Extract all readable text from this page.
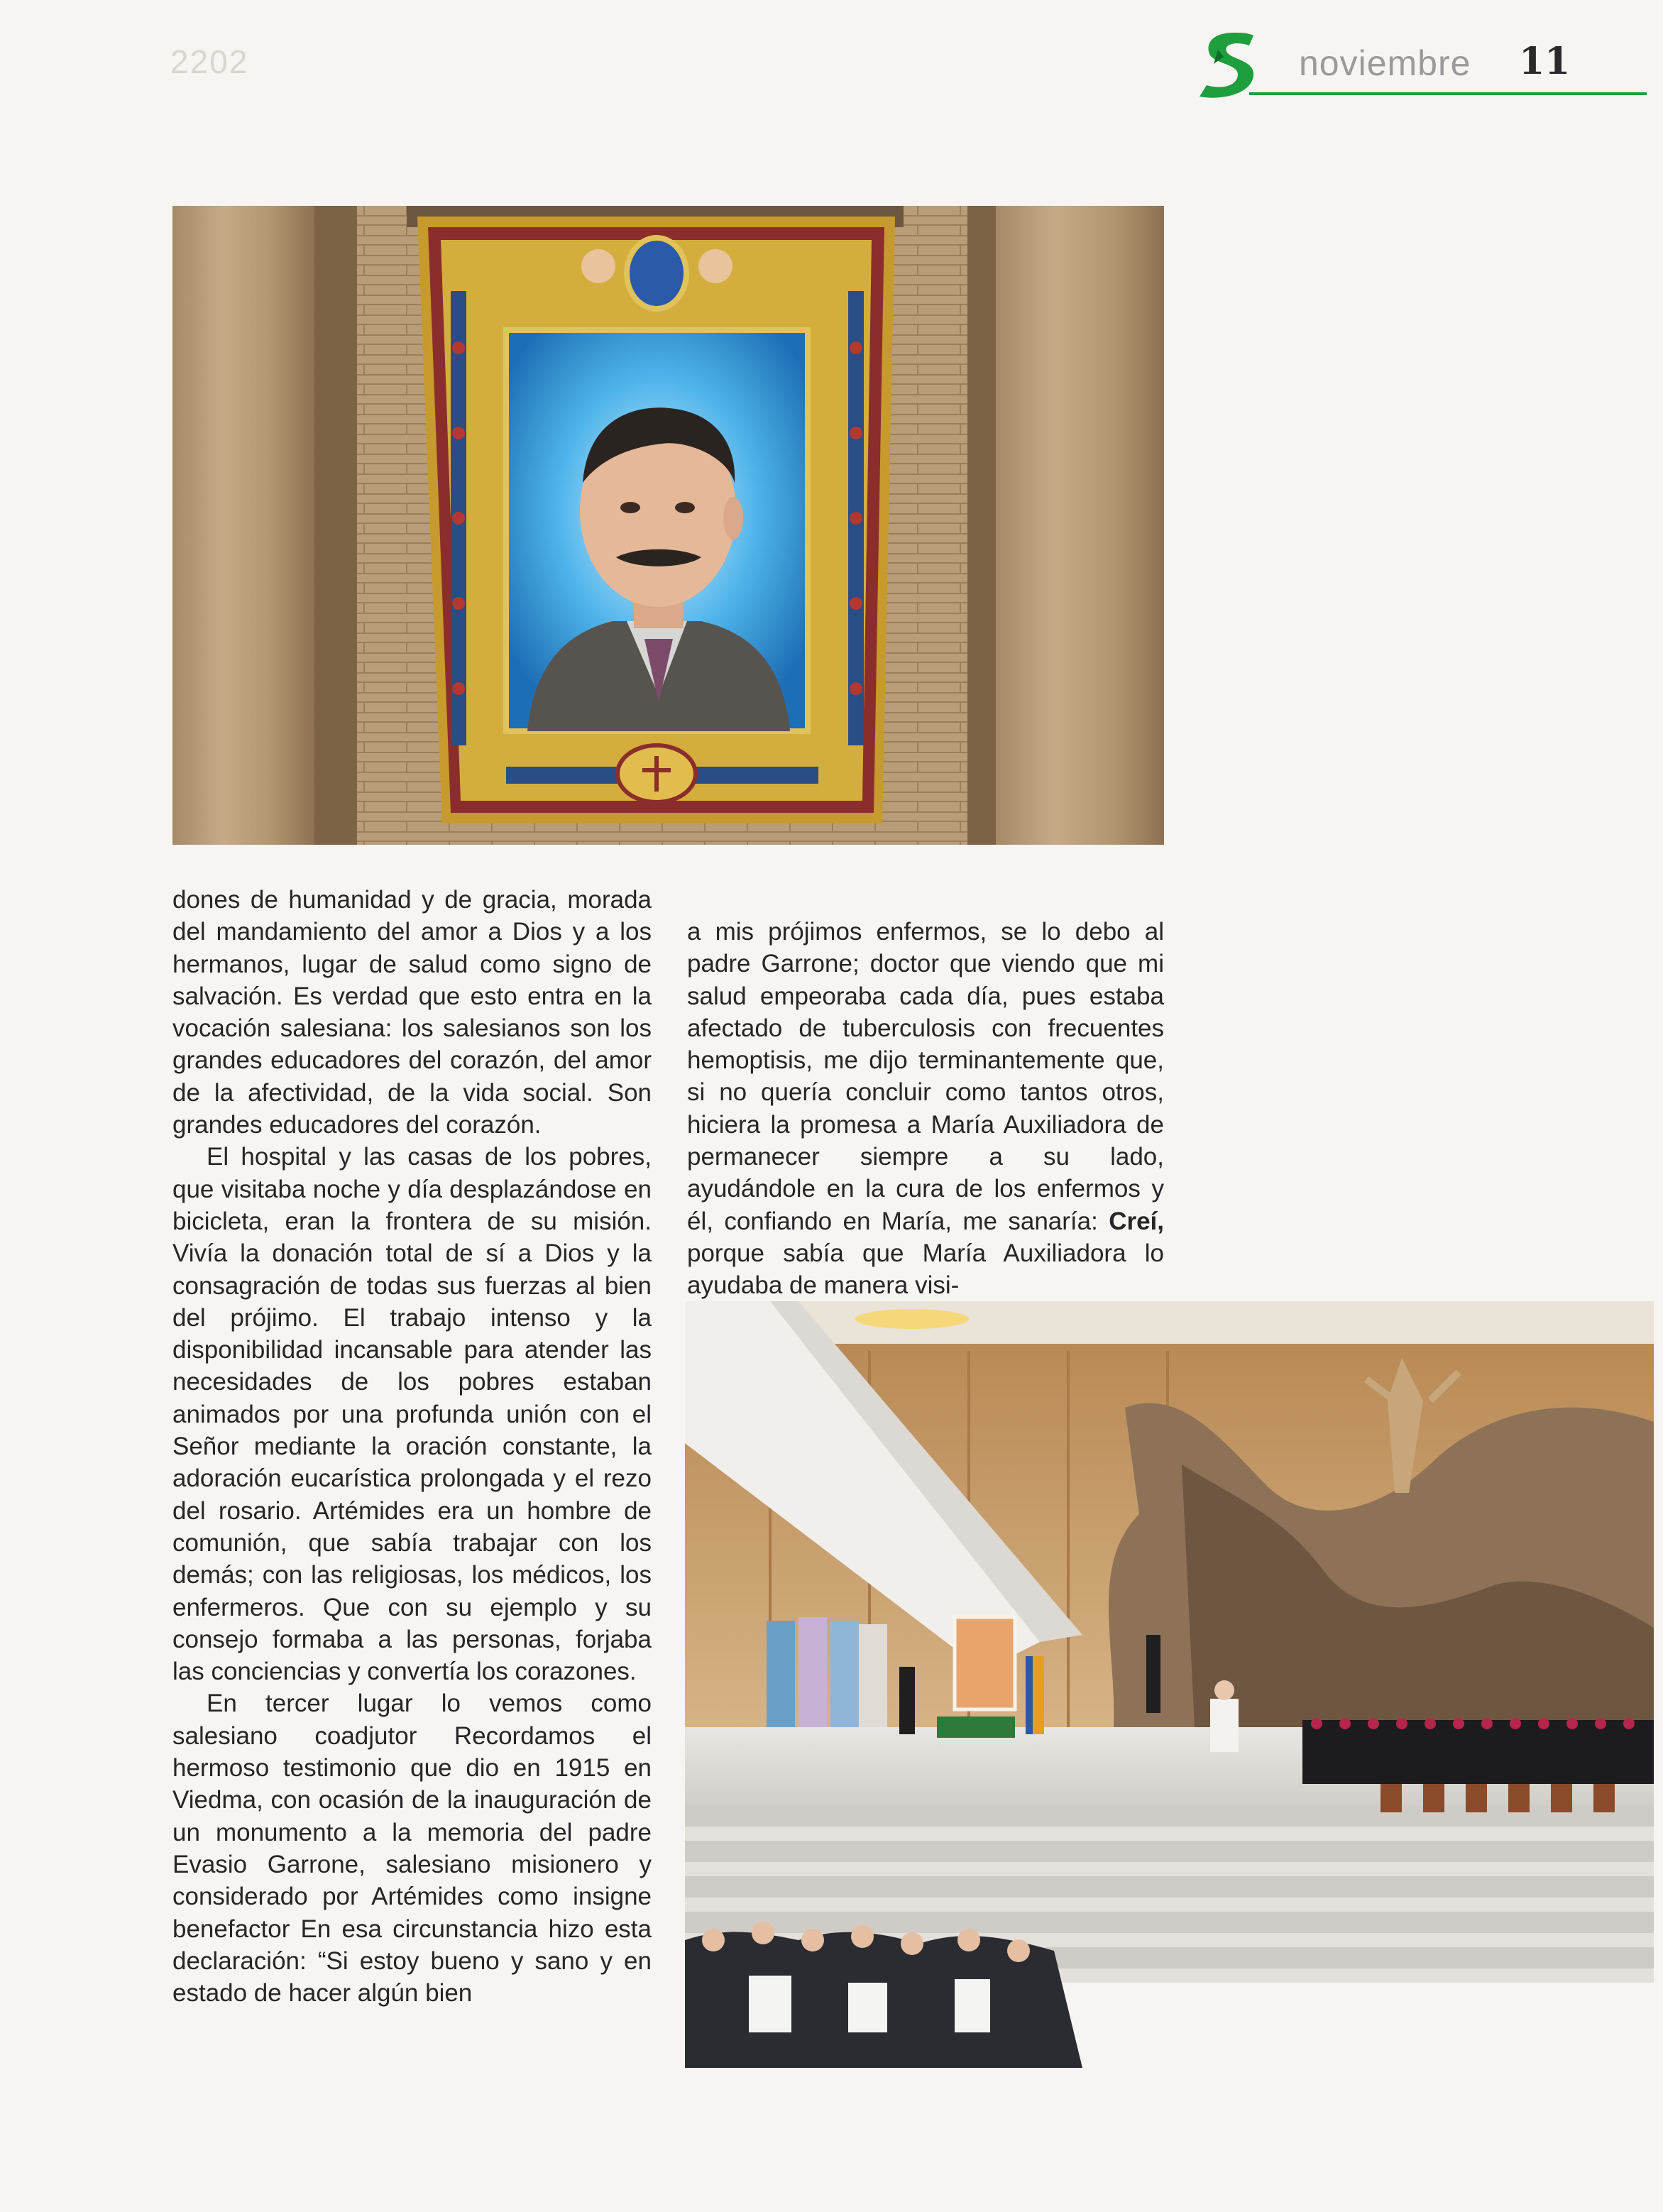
2202	noviembre 11

dones de humanidad y de gracia, morada del mandamiento del amor a Dios y a los hermanos, lugar de salud como signo de salvación. Es verdad que esto entra en la vocación salesiana: los salesianos son los grandes educadores del corazón, del amor de la afectividad, de la vida social. Son grandes educadores del corazón.

El hospital y las casas de los pobres, que visitaba noche y día desplazándose en bicicleta, eran la frontera de su misión. Vivía la donación total de sí a Dios y la consagración de todas sus fuerzas al bien del prójimo. El trabajo intenso y la disponibilidad incansable para atender las necesidades de los pobres estaban animados por una profunda unión con el Señor mediante la oración constante, la adoración eucarística prolongada y el rezo del rosario. Artémides era un hombre de comunión, que sabía trabajar con los demás; con las religiosas, los médicos, los enfermeros. Que con su ejemplo y su consejo formaba a las personas, forjaba las conciencias y convertía los corazones.

En tercer lugar lo vemos como salesiano coadjutor Recordamos el hermoso testimonio que dio en 1915 en Viedma, con ocasión de la inauguración de un monumento a la memoria del padre Evasio Garrone, salesiano misionero y considerado por Artémides como insigne benefactor En esa circunstancia hizo esta declaración: “Si estoy bueno y sano y en estado de hacer algún bien

a mis prójimos enfermos, se lo debo al padre Garrone; doctor que viendo que mi salud empeoraba cada día, pues estaba afectado de tuberculosis con frecuentes hemoptisis, me dijo terminantemente que, si no quería concluir como tantos otros, hiciera la promesa a María Auxiliadora de permanecer siempre a su lado, ayudándole en la cura de los enfermos y él, confiando en María, me sanaría: Creí, porque sabía que María Auxiliadora lo ayudaba de manera visi-
